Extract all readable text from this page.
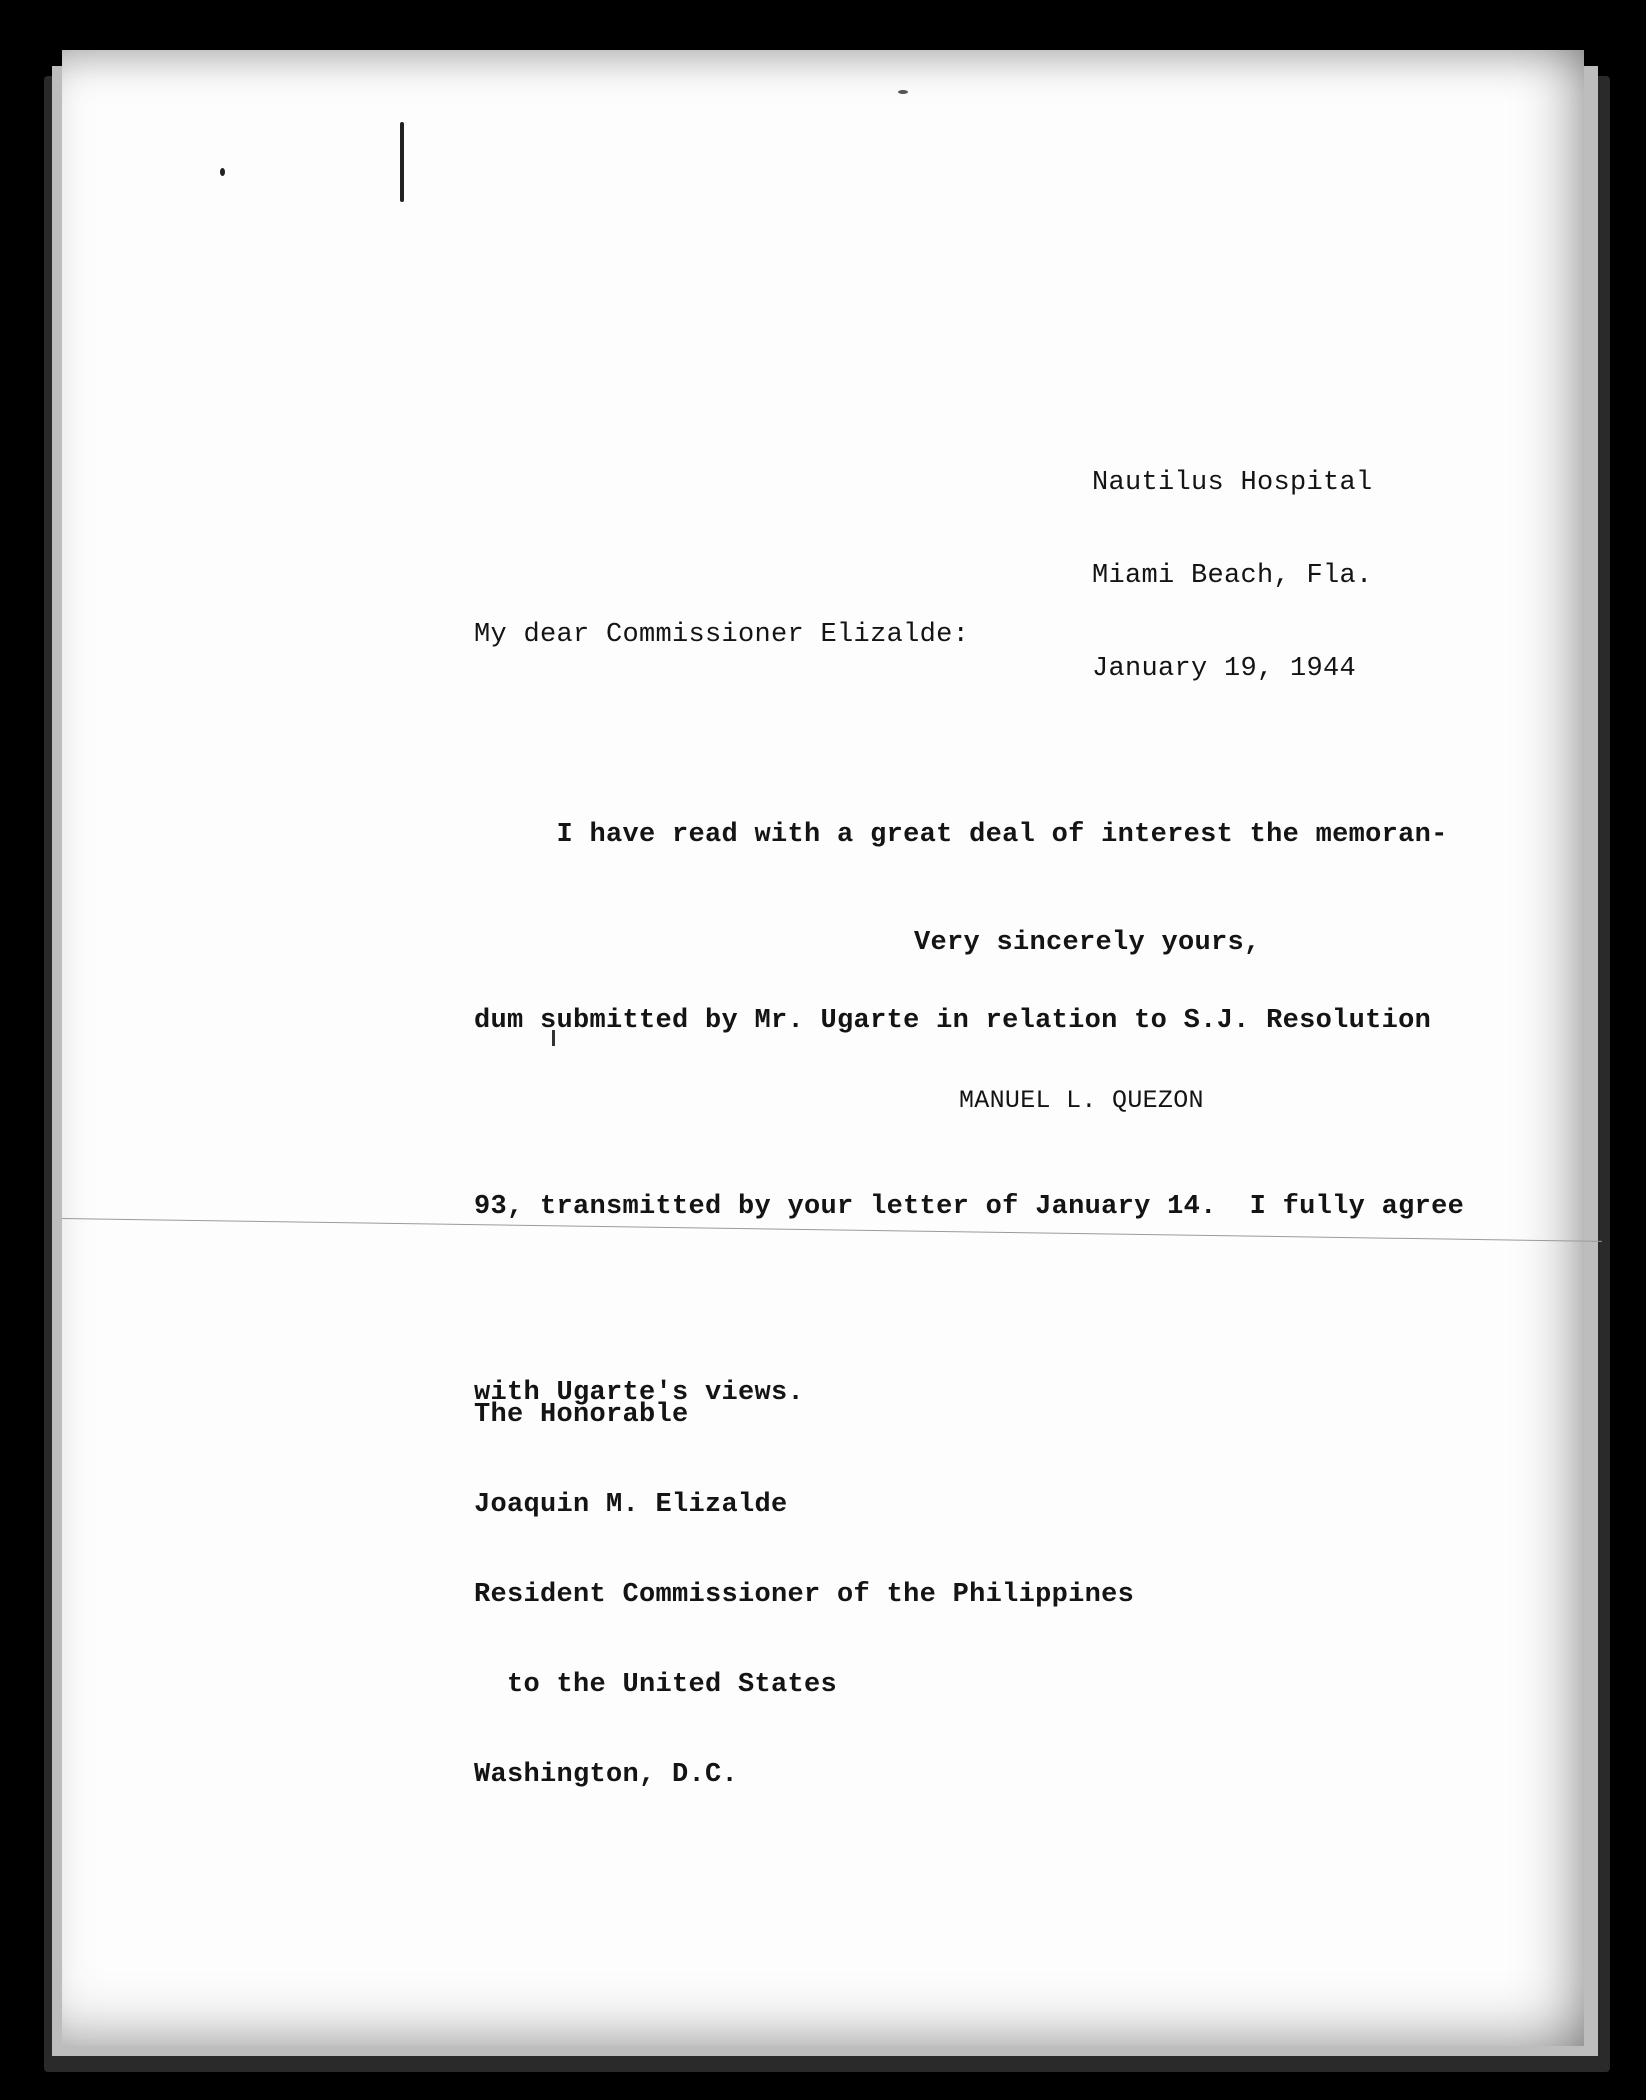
Nautilus Hospital

Miami Beach, Fla.

January 19, 1944

My dear Commissioner Elizalde:

I have read with a great deal of interest the memoran-

dum submitted by Mr. Ugarte in relation to S.J. Resolution

93, transmitted by your letter of January 14.  I fully agree

with Ugarte's views.

Very sincerely yours,
MANUEL L. QUEZON

The Honorable

Joaquin M. Elizalde

Resident Commissioner of the Philippines

to the United States

Washington, D.C.
